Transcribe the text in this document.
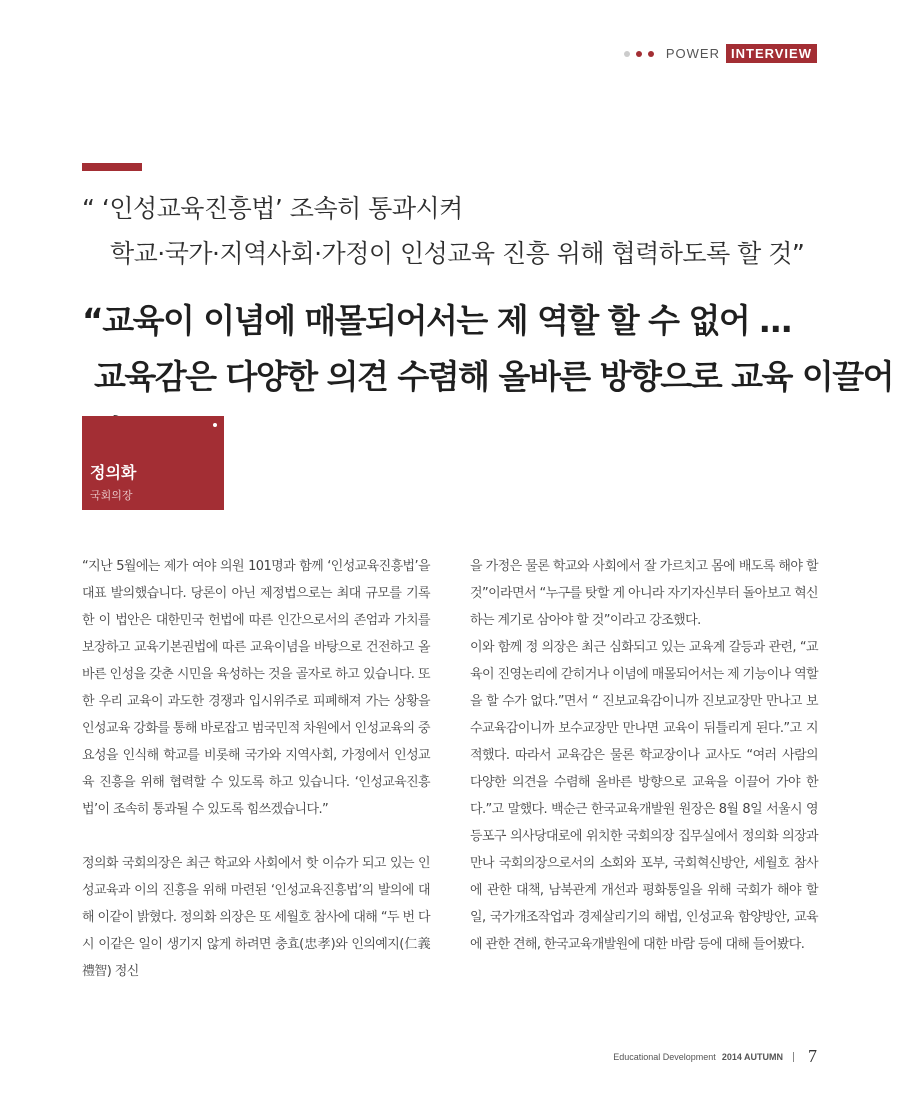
POWER INTERVIEW
“ ‘인성교육진흥법’ 조속히 통과시켜
학교·국가·지역사회·가정이 인성교육 진흥 위해 협력하도록 할 것”
“교육이 이념에 매몰되어서는 제 역할 할 수 없어 …
교육감은 다양한 의견 수렴해 올바른 방향으로 교육 이끌어
정의화
국회의장

“지난 5월에는 제가 여야 의원 101명과 함께 ‘인성교육진흥법’을 대표 발의했습니다. 당론이 아닌 제정법으로는 최대 규모를 기록한 이 법안은 대한민국 헌법에 따른 인간으로서의 존엄과 가치를 보장하고 교육기본권법에 따른 교육이념을 바탕으로 건전하고 올바른 인성을 갖춘 시민을 육성하는 것을 골자로 하고 있습니다. 또한 우리 교육이 과도한 경쟁과 입시위주로 피폐해져 가는 상황을 인성교육 강화를 통해 바로잡고 범국민적 차원에서 인성교육의 중요성을 인식해 학교를 비롯해 국가와 지역사회, 가정에서 인성교육 진흥을 위해 협력할 수 있도록 하고 있습니다. ‘인성교육진흥법’이 조속히 통과될 수 있도록 힘쓰겠습니다.”

정의화 국회의장은 최근 학교와 사회에서 핫 이슈가 되고 있는 인성교육과 이의 진흥을 위해 마련된 ‘인성교육진흥법’의 발의에 대해 이같이 밝혔다. 정의화 의장은 또 세월호 참사에 대해 “두 번 다시 이같은 일이 생기지 않게 하려면 충효(忠孝)와 인의예지(仁義禮智) 정신

을 가정은 물론 학교와 사회에서 잘 가르치고 몸에 배도록 해야 할 것”이라면서 “누구를 탓할 게 아니라 자기자신부터 돌아보고 혁신하는 계기로 삼아야 할 것”이라고 강조했다.

이와 함께 정 의장은 최근 심화되고 있는 교육계 갈등과 관련, “교육이 진영논리에 갇히거나 이념에 매몰되어서는 제 기능이나 역할을 할 수가 없다.”면서 “ 진보교육감이니까 진보교장만 만나고 보수교육감이니까 보수교장만 만나면 교육이 뒤틀리게 된다.”고 지적했다. 따라서 교육감은 물론 학교장이나 교사도 “여러 사람의 다양한 의견을 수렴해 올바른 방향으로 교육을 이끌어 가야 한다.”고 말했다. 백순근 한국교육개발원 원장은 8월 8일 서울시 영등포구 의사당대로에 위치한 국회의장 집무실에서 정의화 의장과 만나 국회의장으로서의 소회와 포부, 국회혁신방안, 세월호 참사에 관한 대책, 남북관계 개선과 평화통일을 위해 국회가 해야 할 일, 국가개조작업과 경제살리기의 해법, 인성교육 함양방안, 교육에 관한 견해, 한국교육개발원에 대한 바람 등에 대해 들어봤다.

Educational Development 2014 AUTUMN 7
